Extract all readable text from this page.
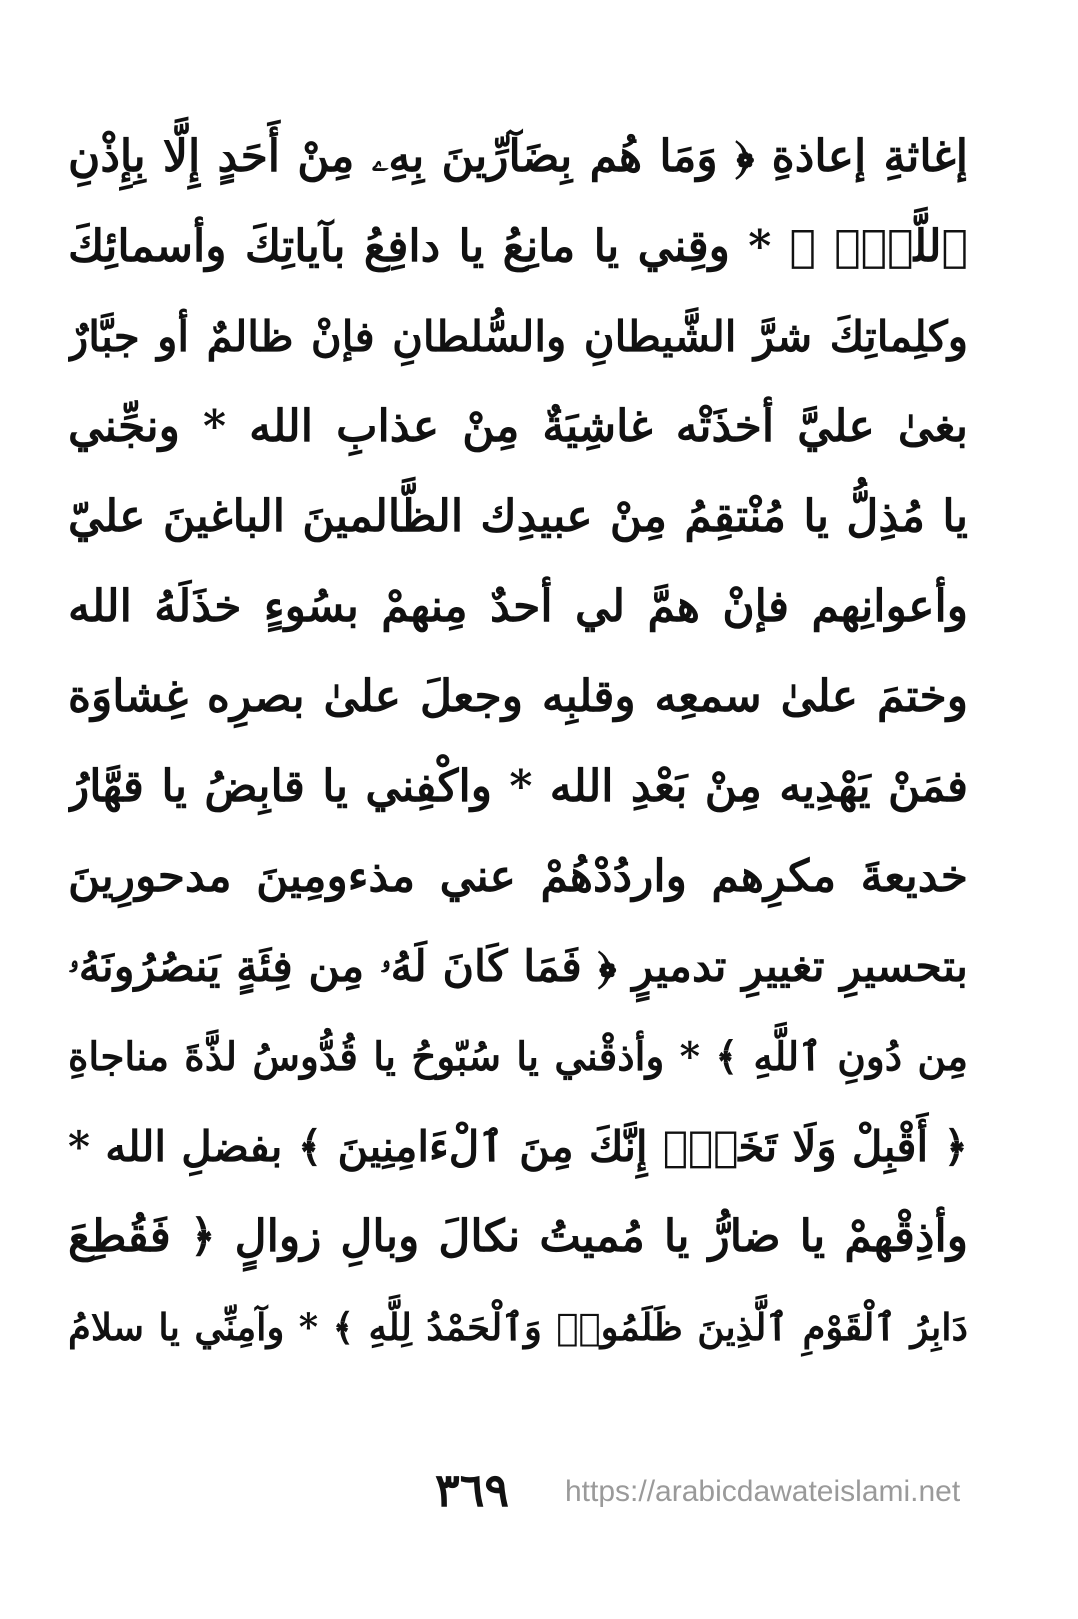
إغاثةِ إعاذةِ ﴿ وَمَا هُم بِضَآرِّينَ بِهِۦ مِنْ أَحَدٍ إِلَّا بِإِذْنِ
ٱللَّهِۚ ﴾ * وقِني يا مانِعُ يا دافِعُ بآياتِكَ وأسمائِكَ
وكلِماتِكَ شرَّ الشَّيطانِ والسُّلطانِ فإنْ ظالمٌ أو جبَّارٌ
بغىٰ عليَّ أخذَتْه غاشِيَةٌ مِنْ عذابِ الله * ونجِّني
يا مُذِلُّ يا مُنْتقِمُ مِنْ عبيدِك الظَّالمينَ الباغينَ عليّ
وأعوانِهم فإنْ همَّ لي أحدٌ مِنهمْ بسُوءٍ خذَلَهُ الله
وختمَ علىٰ سمعِه وقلبِه وجعلَ علىٰ بصرِه غِشاوَة
فمَنْ يَهْدِيه مِنْ بَعْدِ الله * واكْفِني يا قابِضُ يا قهَّارُ
خديعةَ مكرِهم واردُدْهُمْ عني مذءومِينَ مدحورِينَ
بتحسيرِ تغييرِ تدميرٍ ﴿ فَمَا كَانَ لَهُۥ مِن فِئَةٍ يَنصُرُونَهُۥ
مِن دُونِ ٱللَّهِ ﴾ * وأذقْني يا سُبّوحُ يا قُدُّوسُ لذَّةَ مناجاةِ
﴿ أَقْبِلْ وَلَا تَخَفْۖ إِنَّكَ مِنَ ٱلْءَامِنِينَ ﴾ بفضلِ الله *
وأذِقْهمْ يا ضارُّ يا مُميتُ نكالَ وبالِ زوالٍ ﴿ فَقُطِعَ
دَابِرُ ٱلْقَوْمِ ٱلَّذِينَ ظَلَمُوا۟ وَٱلْحَمْدُ لِلَّهِ ﴾ * وآمِنِّي يا سلامُ
٣٦٩ https://arabicdawateislami.net
